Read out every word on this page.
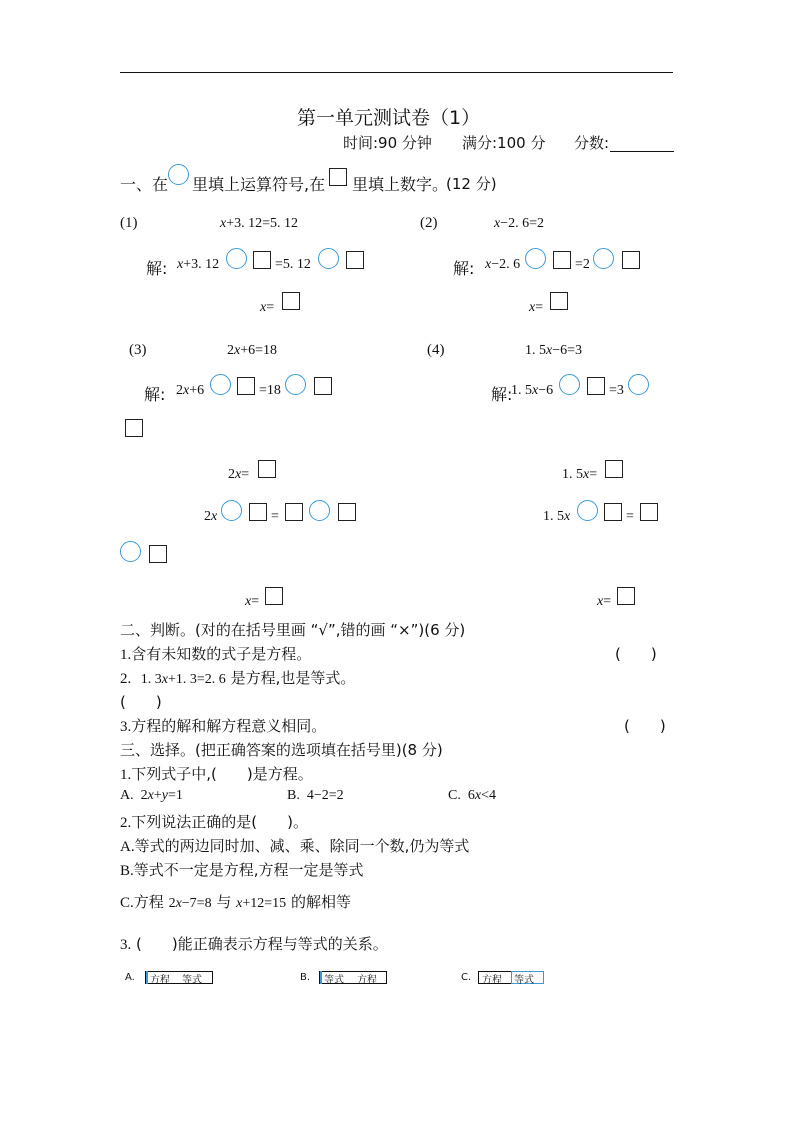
第一单元测试卷（1）
时间:90 分钟 满分:100 分 分数:
一、在 里填上运算符号,在 里填上数字。
(12 分)
(1)	x+3. 12=5. 12
解: x+3. 12	=5. 12
x=
(2)	x−2. 6=2
解: x−2. 6	=2
x=
(3)	2x+6=18
解: 2x+6	=18
2x=
2x	=
x=
(4)	1. 5x−6=3
解:
1. 5x−6	=3
1. 5x=
1. 5x	=
x=
二、判断。(对的在括号里画 “√”,错的画 “×”)(6 分)
1.含有未知数的式子是方程。	(　　)
2. 1. 3x+1. 3=2. 6 是方程,也是等式。
(　　)
3.方程的解和解方程意义相同。	(　　)
三、选择。(把正确答案的选项填在括号里)(8 分)
1.下列式子中,(　　)是方程。
A. 2x+y=1	B. 4−2=2	C. 6x<4
2.下列说法正确的是(　　)。
A.等式的两边同时加、减、乘、除同一个数,仍为等式
B.等式不一定是方程,方程一定是等式
C.方程 2x−7=8 与 x+12=15 的解相等
3. (　　)能正确表示方程与等式的关系。
A. 方程 等式	B. 等式 方程	C. 方程 等式
